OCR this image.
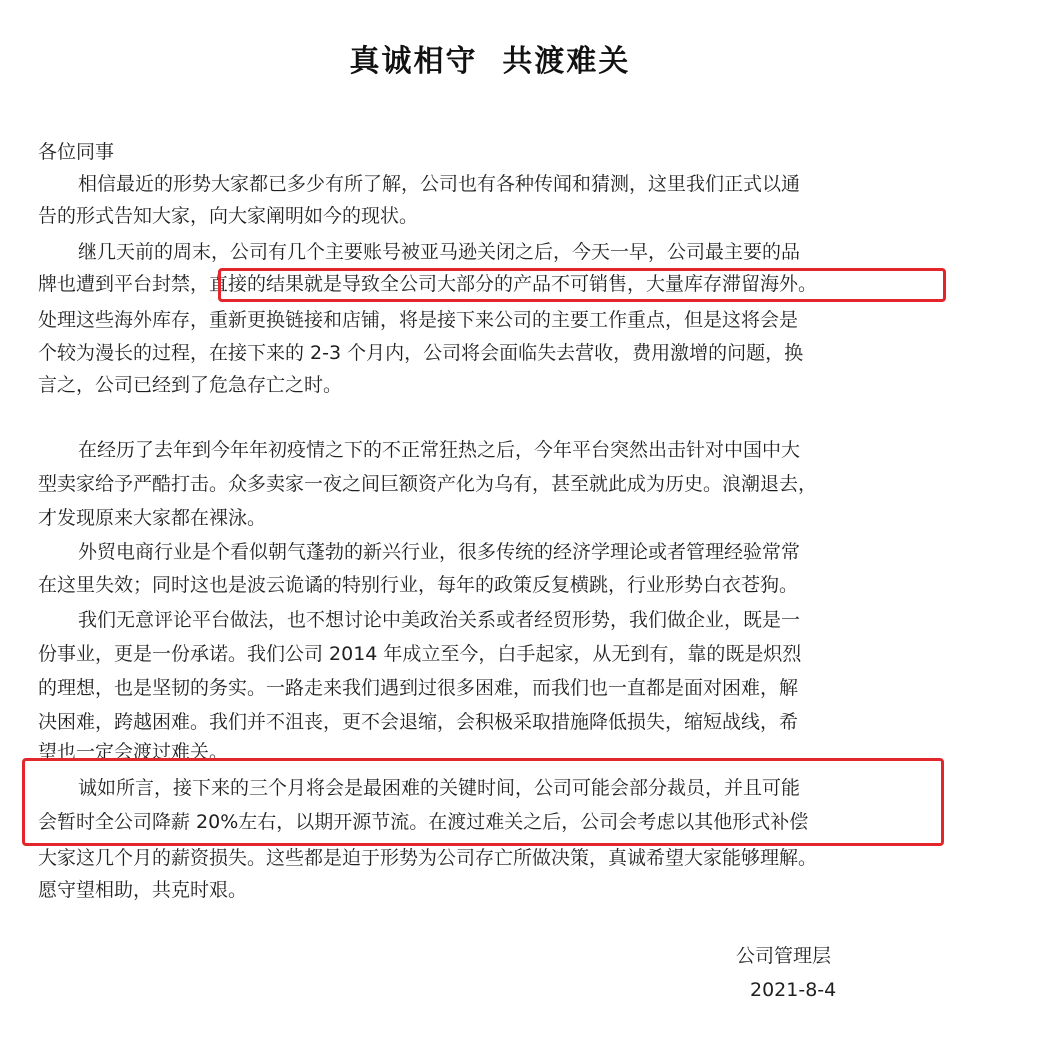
真诚相守  共渡难关
各位同事
相信最近的形势大家都已多少有所了解，公司也有各种传闻和猜测，这里我们正式以通
告的形式告知大家，向大家阐明如今的现状。
继几天前的周末，公司有几个主要账号被亚马逊关闭之后，今天一早，公司最主要的品
牌也遭到平台封禁，直接的结果就是导致全公司大部分的产品不可销售，大量库存滞留海外。
处理这些海外库存，重新更换链接和店铺，将是接下来公司的主要工作重点，但是这将会是
个较为漫长的过程，在接下来的 2-3 个月内，公司将会面临失去营收，费用激增的问题，换
言之，公司已经到了危急存亡之时。
在经历了去年到今年年初疫情之下的不正常狂热之后，今年平台突然出击针对中国中大
型卖家给予严酷打击。众多卖家一夜之间巨额资产化为乌有，甚至就此成为历史。浪潮退去，
才发现原来大家都在裸泳。
外贸电商行业是个看似朝气蓬勃的新兴行业，很多传统的经济学理论或者管理经验常常
在这里失效；同时这也是波云诡谲的特别行业，每年的政策反复横跳，行业形势白衣苍狗。
我们无意评论平台做法，也不想讨论中美政治关系或者经贸形势，我们做企业，既是一
份事业，更是一份承诺。我们公司 2014 年成立至今，白手起家，从无到有，靠的既是炽烈
的理想，也是坚韧的务实。一路走来我们遇到过很多困难，而我们也一直都是面对困难，解
决困难，跨越困难。我们并不沮丧，更不会退缩，会积极采取措施降低损失，缩短战线，希
望也一定会渡过难关。
诚如所言，接下来的三个月将会是最困难的关键时间，公司可能会部分裁员，并且可能
会暂时全公司降薪 20%左右，以期开源节流。在渡过难关之后，公司会考虑以其他形式补偿
大家这几个月的薪资损失。这些都是迫于形势为公司存亡所做决策，真诚希望大家能够理解。
愿守望相助，共克时艰。
公司管理层
2021-8-4
